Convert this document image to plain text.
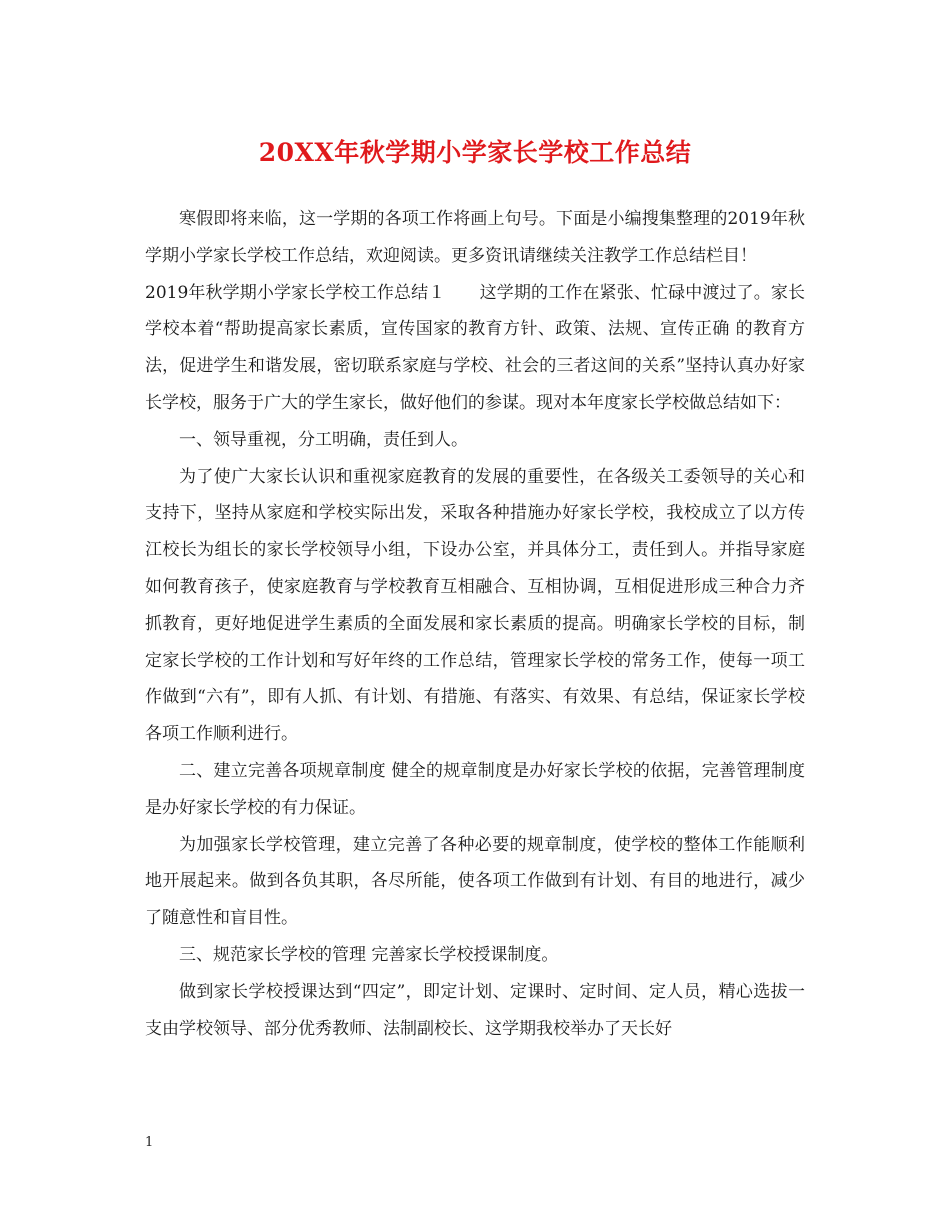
20XX年秋学期小学家长学校工作总结

寒假即将来临，这一学期的各项工作将画上句号。下面是小编搜集整理的2019年秋学期小学家长学校工作总结，欢迎阅读。更多资讯请继续关注教学工作总结栏目！

2019年秋学期小学家长学校工作总结１　　这学期的工作在紧张、忙碌中渡过了。家长学校本着“帮助提高家长素质，宣传国家的教育方针、政策、法规、宣传正确 的教育方法，促进学生和谐发展，密切联系家庭与学校、社会的三者这间的关系”坚持认真办好家长学校，服务于广大的学生家长，做好他们的参谋。现对本年度家长学校做总结如下：

一、领导重视，分工明确，责任到人。

为了使广大家长认识和重视家庭教育的发展的重要性，在各级关工委领导的关心和支持下，坚持从家庭和学校实际出发，采取各种措施办好家长学校，我校成立了以方传江校长为组长的家长学校领导小组，下设办公室，并具体分工，责任到人。并指导家庭如何教育孩子，使家庭教育与学校教育互相融合、互相协调，互相促进形成三种合力齐抓教育，更好地促进学生素质的全面发展和家长素质的提高。明确家长学校的目标，制定家长学校的工作计划和写好年终的工作总结，管理家长学校的常务工作，使每一项工作做到“六有”，即有人抓、有计划、有措施、有落实、有效果、有总结，保证家长学校各项工作顺利进行。

二、建立完善各项规章制度 健全的规章制度是办好家长学校的依据，完善管理制度是办好家长学校的有力保证。

为加强家长学校管理，建立完善了各种必要的规章制度，使学校的整体工作能顺利地开展起来。做到各负其职，各尽所能，使各项工作做到有计划、有目的地进行，减少了随意性和盲目性。

三、规范家长学校的管理 完善家长学校授课制度。

做到家长学校授课达到“四定”，即定计划、定课时、定时间、定人员，精心选拔一支由学校领导、部分优秀教师、法制副校长、这学期我校举办了天长好

1
